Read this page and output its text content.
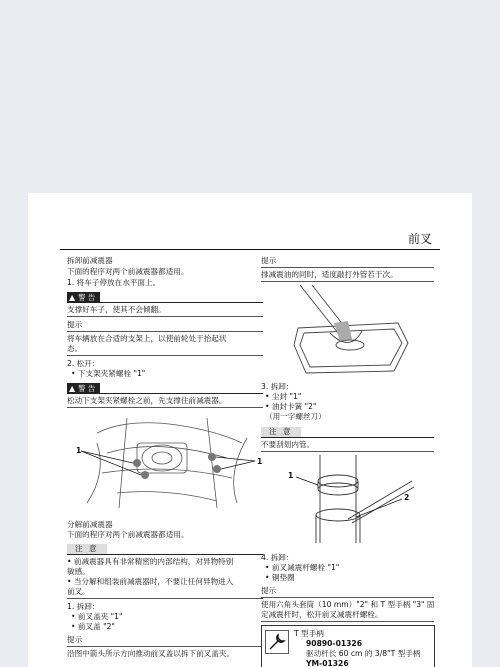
前叉
拆卸前减震器
下面的程序对两个前减震器都适用。
1. 将车子停放在水平面上。
▲ 警 告
支撑好车子，使其不会倾翻。
提示
将车辆放在合适的支架上，以使前轮处于抬起状
态。
2. 松开：
• 下支架夹紧螺栓 "1"
▲ 警 告
松动下支架夹紧螺栓之前，先支撑住前减震器。
1
1
分解前减震器
下面的程序对两个前减震器都适用。
注 意
• 前减震器具有非常精密的内部结构，对异物特别
敏感。
• 当分解和组装前减震器时，不要让任何异物进入
前叉。
1. 拆卸：
• 前叉盖夹 "1"
• 前叉盖 "2"
提示
沿图中箭头所示方向推动前叉盖以拆下前叉盖夹。
提示
排减震油的同时，适度敲打外管若干次。
3. 拆卸：
• 尘封 "1"
• 油封卡簧 "2"
（用一字螺丝刀）
注 意
不要刮划内管。
1
2
4. 拆卸：
• 前叉减震杆螺栓 "1"
• 铜垫圈
提示
使用六角头套筒（10 mm）"2" 和 T 型手柄 "3" 固
定减震杆时，松开前叉减震杆螺栓。
T 型手柄
90890-01326
驱动杆长 60 cm 的 3/8"T 型手柄
YM-01326
